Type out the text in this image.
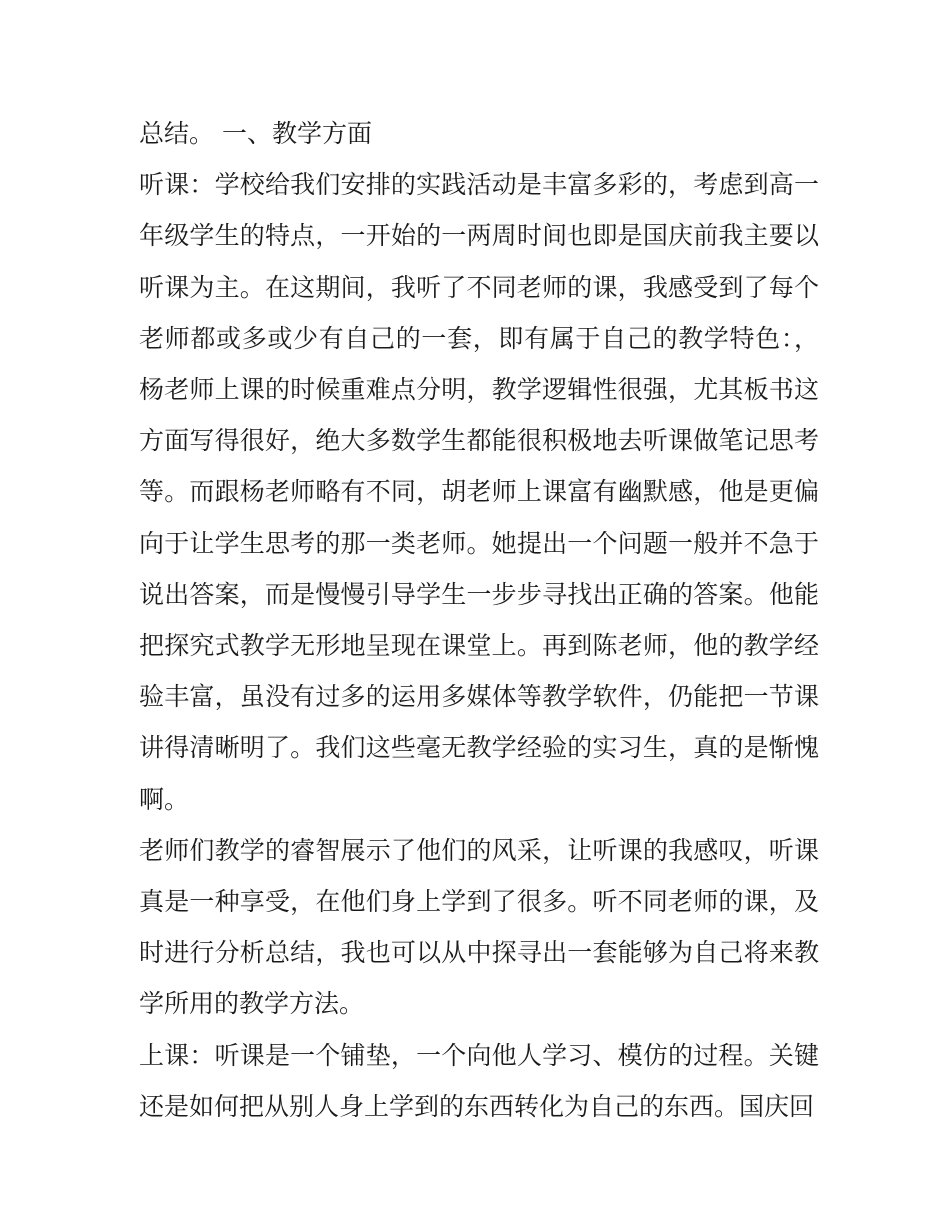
总结。 一、教学方面

听课：学校给我们安排的实践活动是丰富多彩的，考虑到高一年级学生的特点，一开始的一两周时间也即是国庆前我主要以听课为主。在这期间，我听了不同老师的课，我感受到了每个老师都或多或少有自己的一套，即有属于自己的教学特色：，杨老师上课的时候重难点分明，教学逻辑性很强，尤其板书这方面写得很好，绝大多数学生都能很积极地去听课做笔记思考等。而跟杨老师略有不同，胡老师上课富有幽默感，他是更偏向于让学生思考的那一类老师。她提出一个问题一般并不急于说出答案，而是慢慢引导学生一步步寻找出正确的答案。他能把探究式教学无形地呈现在课堂上。再到陈老师，他的教学经验丰富，虽没有过多的运用多媒体等教学软件，仍能把一节课讲得清晰明了。我们这些毫无教学经验的实习生，真的是惭愧啊。

老师们教学的睿智展示了他们的风采，让听课的我感叹，听课真是一种享受，在他们身上学到了很多。听不同老师的课，及时进行分析总结，我也可以从中探寻出一套能够为自己将来教学所用的教学方法。

上课：听课是一个铺垫，一个向他人学习、模仿的过程。关键还是如何把从别人身上学到的东西转化为自己的东西。国庆回
